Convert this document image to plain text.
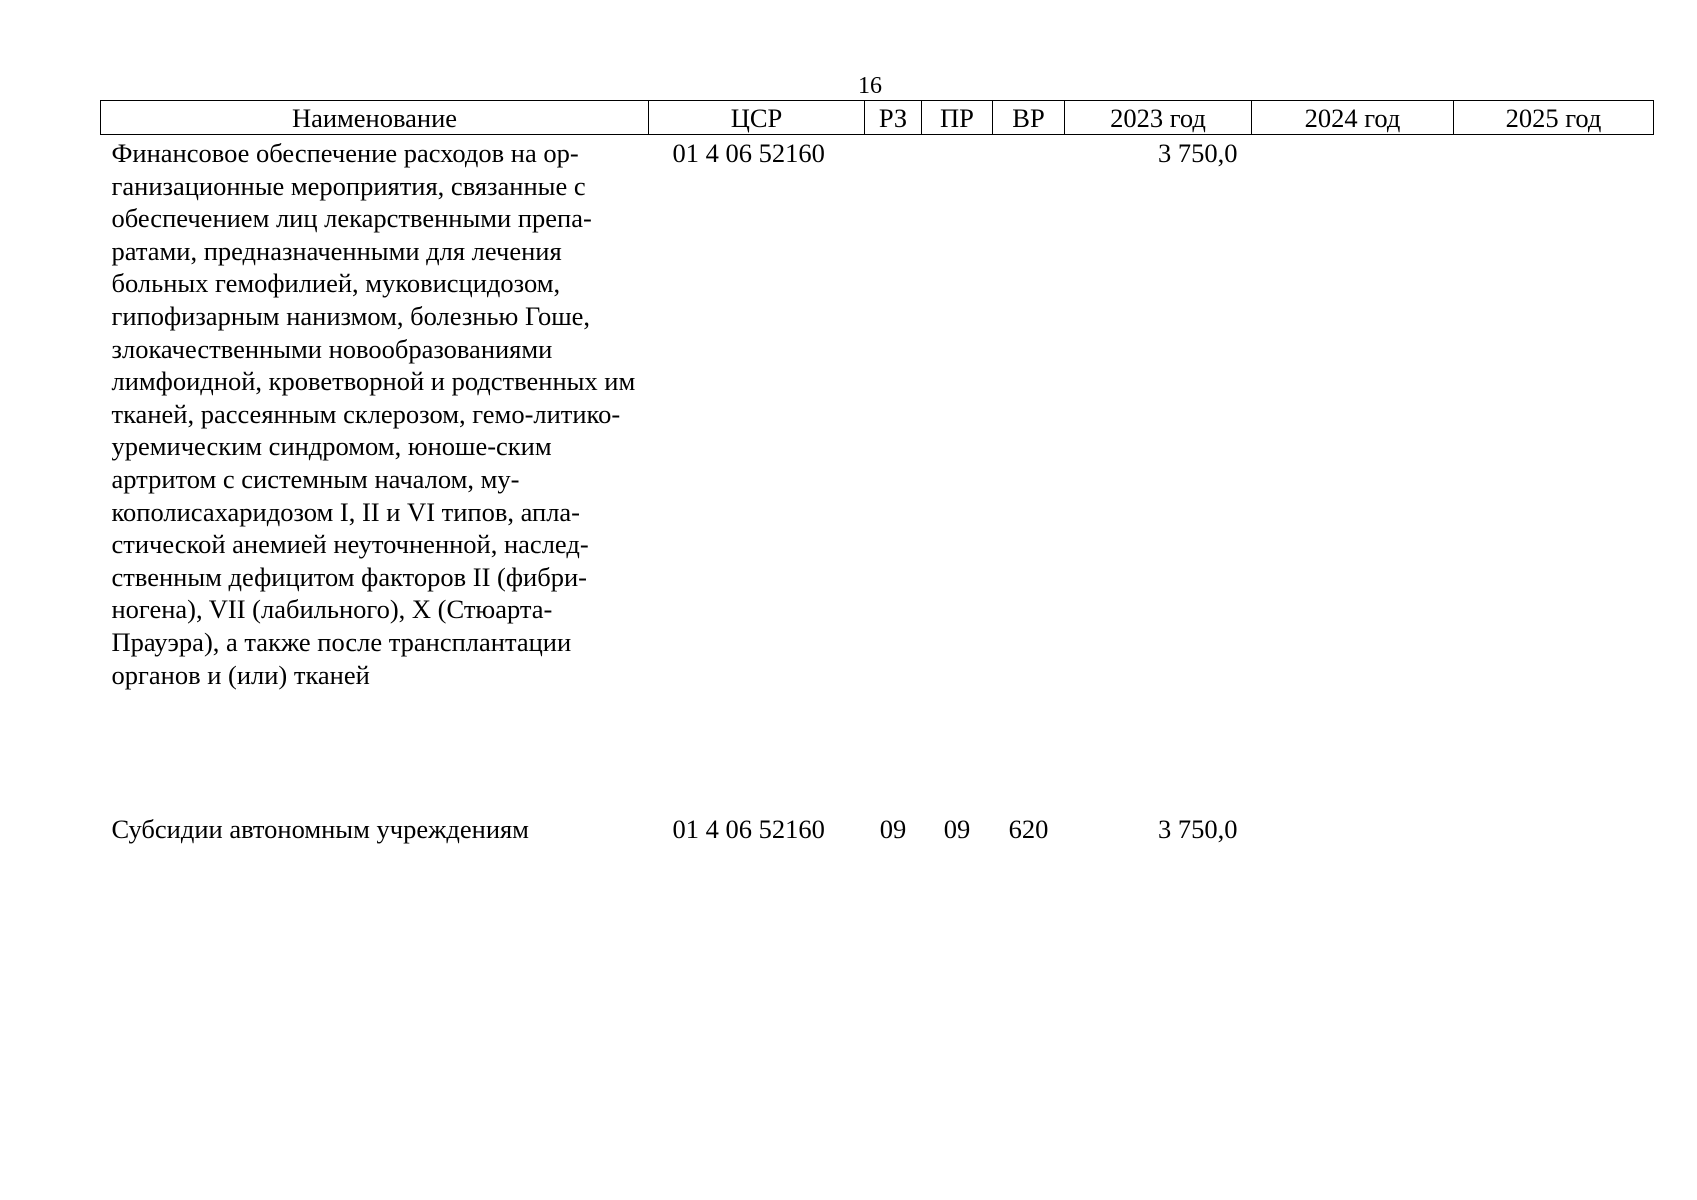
16
Наименование	ЦСР	РЗ	ПР	ВР	2023 год	2024 год	2025 год
Финансовое обеспечение расходов на ор-ганизационные мероприятия, связанные с обеспечением лиц лекарственными препа-ратами, предназначенными для лечения больных гемофилией, муковисцидозом, гипофизарным нанизмом, болезнью Гоше, злокачественными новообразованиями лимфоидной, кроветворной и родственных им тканей, рассеянным склерозом, гемо-литико-уремическим синдромом, юноше-ским артритом с системным началом, му-кополисахаридозом I, II и VI типов, апла-стической анемией неуточненной, наслед-ственным дефицитом факторов II (фибри-ногена), VII (лабильного), X (Стюарта-Прауэра), а также после трансплантации органов и (или) тканей	01 4 06 52160				3 750,0		
Субсидии автономным учреждениям	01 4 06 52160	09	09	620	3 750,0		
